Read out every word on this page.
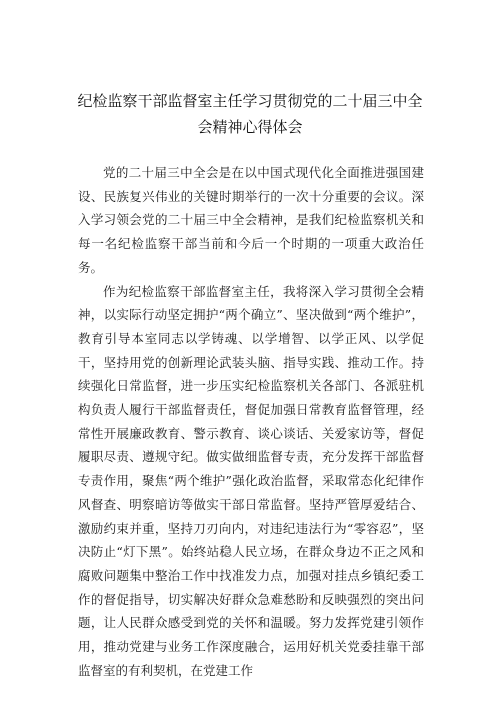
纪检监察干部监督室主任学习贯彻党的二十届三中全
会精神心得体会

党的二十届三中全会是在以中国式现代化全面推进强国建设、民族复兴伟业的关键时期举行的一次十分重要的会议。深入学习领会党的二十届三中全会精神，是我们纪检监察机关和每一名纪检监察干部当前和今后一个时期的一项重大政治任务。

作为纪检监察干部监督室主任，我将深入学习贯彻全会精神，以实际行动坚定拥护“两个确立”、坚决做到“两个维护”，教育引导本室同志以学铸魂、以学增智、以学正风、以学促干，坚持用党的创新理论武装头脑、指导实践、推动工作。持续强化日常监督，进一步压实纪检监察机关各部门、各派驻机构负责人履行干部监督责任，督促加强日常教育监督管理，经常性开展廉政教育、警示教育、谈心谈话、关爱家访等，督促履职尽责、遵规守纪。做实做细监督专责，充分发挥干部监督专责作用，聚焦“两个维护”强化政治监督，采取常态化纪律作风督查、明察暗访等做实干部日常监督。坚持严管厚爱结合、激励约束并重，坚持刀刃向内，对违纪违法行为“零容忍”，坚决防止“灯下黑”。始终站稳人民立场，在群众身边不正之风和腐败问题集中整治工作中找准发力点，加强对挂点乡镇纪委工作的督促指导，切实解决好群众急难愁盼和反映强烈的突出问题，让人民群众感受到党的关怀和温暖。努力发挥党建引领作用，推动党建与业务工作深度融合，运用好机关党委挂靠干部监督室的有利契机，在党建工作
